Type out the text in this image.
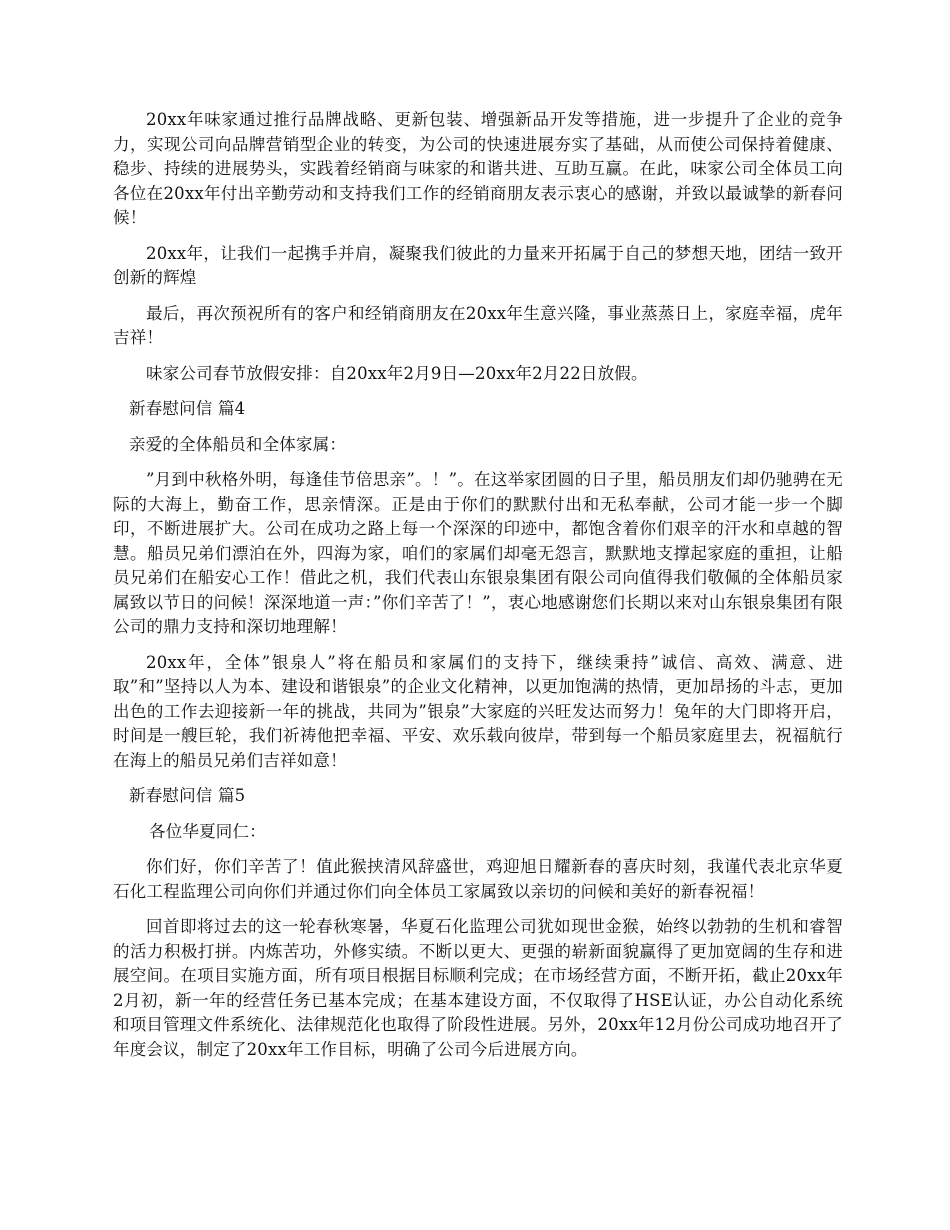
20xx年味家通过推行品牌战略、更新包装、增强新品开发等措施，进一步提升了企业的竞争力，实现公司向品牌营销型企业的转变，为公司的快速进展夯实了基础，从而使公司保持着健康、稳步、持续的进展势头，实践着经销商与味家的和谐共进、互助互赢。在此，味家公司全体员工向各位在20xx年付出辛勤劳动和支持我们工作的经销商朋友表示衷心的感谢，并致以最诚挚的新春问候！

20xx年，让我们一起携手并肩，凝聚我们彼此的力量来开拓属于自己的梦想天地，团结一致开创新的辉煌

最后，再次预祝所有的客户和经销商朋友在20xx年生意兴隆，事业蒸蒸日上，家庭幸福，虎年吉祥！

味家公司春节放假安排：自20xx年2月9日—20xx年2月22日放假。

新春慰问信 篇4

亲爱的全体船员和全体家属：

”月到中秋格外明，每逢佳节倍思亲”。！”。在这举家团圆的日子里，船员朋友们却仍驰骋在无际的大海上，勤奋工作，思亲情深。正是由于你们的默默付出和无私奉献，公司才能一步一个脚印，不断进展扩大。公司在成功之路上每一个深深的印迹中，都饱含着你们艰辛的汗水和卓越的智慧。船员兄弟们漂泊在外，四海为家，咱们的家属们却毫无怨言，默默地支撑起家庭的重担，让船员兄弟们在船安心工作！借此之机，我们代表山东银泉集团有限公司向值得我们敬佩的全体船员家属致以节日的问候！深深地道一声：”你们辛苦了！”，衷心地感谢您们长期以来对山东银泉集团有限公司的鼎力支持和深切地理解！

20xx年，全体”银泉人”将在船员和家属们的支持下，继续秉持”诚信、高效、满意、进取”和”坚持以人为本、建设和谐银泉”的企业文化精神，以更加饱满的热情，更加昂扬的斗志，更加出色的工作去迎接新一年的挑战，共同为”银泉”大家庭的兴旺发达而努力！兔年的大门即将开启，时间是一艘巨轮，我们祈祷他把幸福、平安、欢乐载向彼岸，带到每一个船员家庭里去，祝福航行在海上的船员兄弟们吉祥如意！

新春慰问信 篇5

各位华夏同仁：

你们好，你们辛苦了！值此猴挟清风辞盛世，鸡迎旭日耀新春的喜庆时刻，我谨代表北京华夏石化工程监理公司向你们并通过你们向全体员工家属致以亲切的问候和美好的新春祝福！

回首即将过去的这一轮春秋寒暑，华夏石化监理公司犹如现世金猴，始终以勃勃的生机和睿智的活力积极打拼。内炼苦功，外修实绩。不断以更大、更强的崭新面貌赢得了更加宽阔的生存和进展空间。在项目实施方面，所有项目根据目标顺利完成；在市场经营方面，不断开拓，截止20xx年2月初，新一年的经营任务已基本完成；在基本建设方面，不仅取得了HSE认证，办公自动化系统和项目管理文件系统化、法律规范化也取得了阶段性进展。另外，20xx年12月份公司成功地召开了年度会议，制定了20xx年工作目标，明确了公司今后进展方向。
